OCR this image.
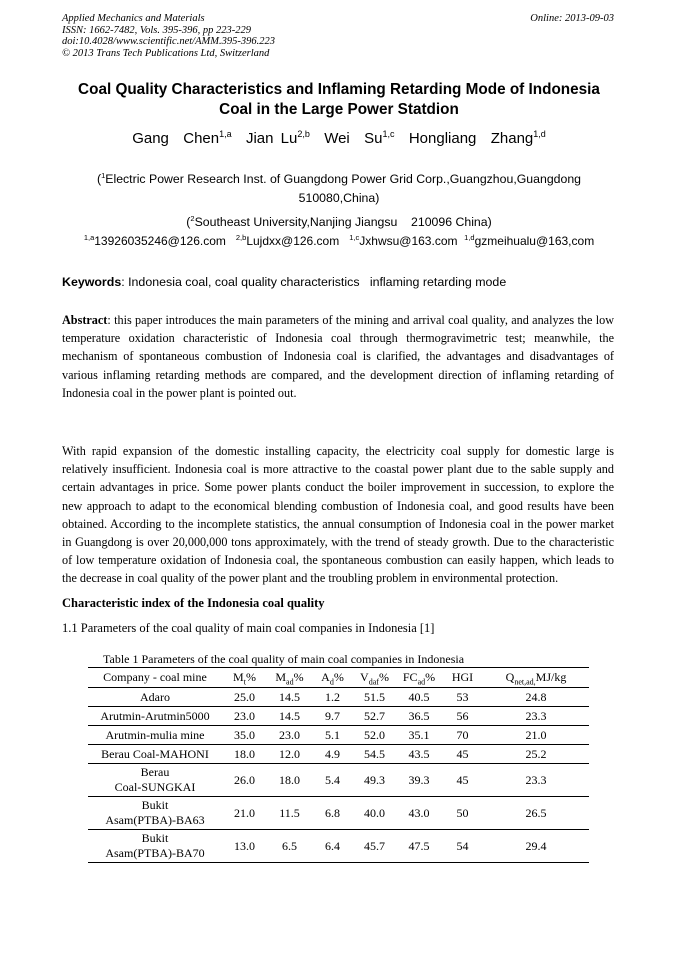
Applied Mechanics and Materials
ISSN: 1662-7482, Vols. 395-396, pp 223-229
doi:10.4028/www.scientific.net/AMM.395-396.223
© 2013 Trans Tech Publications Ltd, Switzerland
Online: 2013-09-03
Coal Quality Characteristics and Inflaming Retarding Mode of Indonesia Coal in the Large Power Statdion
Gang Chen$^{1,a}$ Jian Lu$^{2,b}$ Wei Su$^{1,c}$ Hongliang Zhang$^{1,d}$
($^1$Electric Power Research Inst. of Guangdong Power Grid Corp.,Guangzhou,Guangdong 510080,China)
($^2$Southeast University,Nanjing Jiangsu    210096 China)
$^{1,a}$13926035246@126.com $^{2,b}$Lujdxx@126.com $^{1,c}$Jxhwsu@163.com $^{1,d}$gzmeihualu@163,com
Keywords: Indonesia coal, coal quality characteristics   inflaming retarding mode

Abstract: this paper introduces the main parameters of the mining and arrival coal quality, and analyzes the low temperature oxidation characteristic of Indonesia coal through thermogravimetric test; meanwhile, the mechanism of spontaneous combustion of Indonesia coal is clarified, the advantages and disadvantages of various inflaming retarding methods are compared, and the development direction of inflaming retarding of Indonesia coal in the power plant is pointed out.

With rapid expansion of the domestic installing capacity, the electricity coal supply for domestic large is relatively insufficient. Indonesia coal is more attractive to the coastal power plant due to the sable supply and certain advantages in price. Some power plants conduct the boiler improvement in succession, to explore the new approach to adapt to the economical blending combustion of Indonesia coal, and good results have been obtained. According to the incomplete statistics, the annual consumption of Indonesia coal in the power market in Guangdong is over 20,000,000 tons approximately, with the trend of steady growth. Due to the characteristic of low temperature oxidation of Indonesia coal, the spontaneous combustion can easily happen, which leads to the decrease in coal quality of the power plant and the troubling problem in environmental protection.

Characteristic index of the Indonesia coal quality
1.1 Parameters of the coal quality of main coal companies in Indonesia [1]
Table 1 Parameters of the coal quality of main coal companies in Indonesia
Company - coal mine	$M_t\%$	$M_{ad}\%$	$A_d\%$	$V_{daf}\%$	$FC_{ad}\%$	HGI	$Q_{net,ad,}MJ/kg$
Adaro	25.0	14.5	1.2	51.5	40.5	53	24.8
Arutmin-Arutmin5000	23.0	14.5	9.7	52.7	36.5	56	23.3
Arutmin-mulia mine	35.0	23.0	5.1	52.0	35.1	70	21.0
Berau Coal-MAHONI	18.0	12.0	4.9	54.5	43.5	45	25.2
Berau
Coal-SUNGKAI	26.0	18.0	5.4	49.3	39.3	45	23.3
Bukit
Asam(PTBA)-BA63	21.0	11.5	6.8	40.0	43.0	50	26.5
Bukit
Asam(PTBA)-BA70	13.0	6.5	6.4	45.7	47.5	54	29.4
